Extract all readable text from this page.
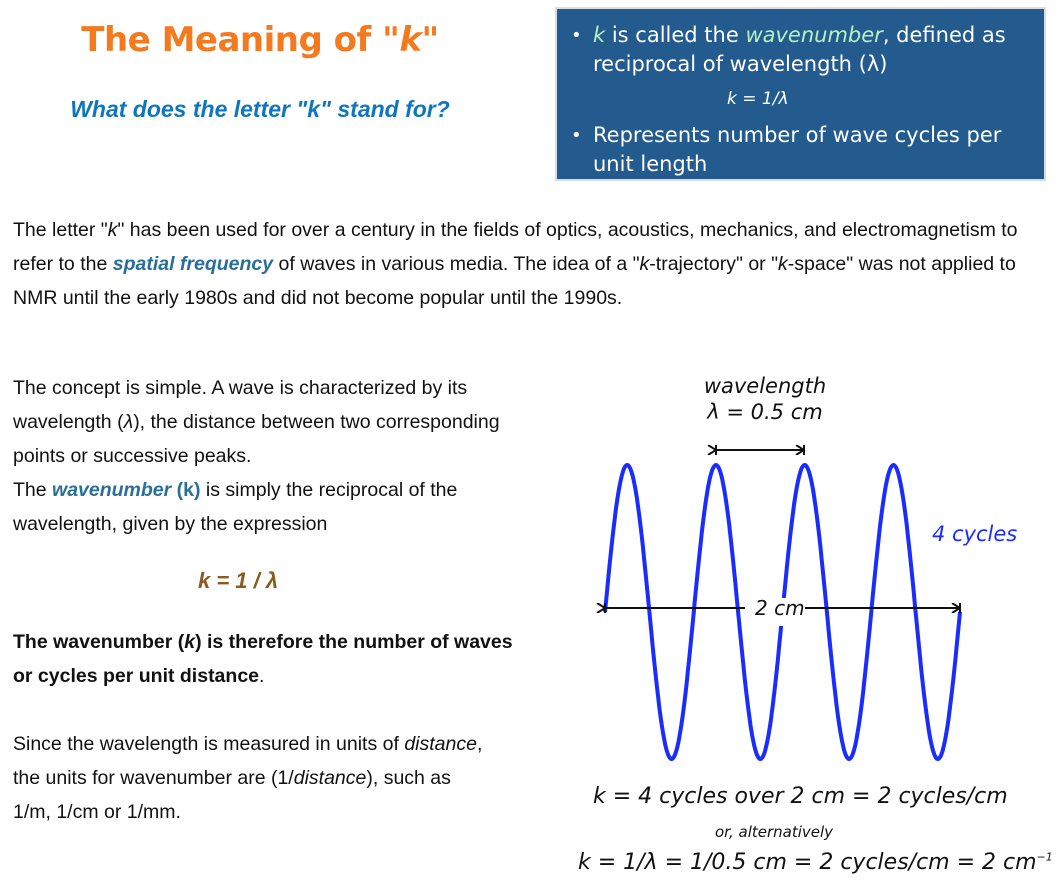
The Meaning of "k"
What does the letter "k" stand for?
• k is called the wavenumber, defined as reciprocal of wavelength (λ)
k = 1/λ
• Represents number of wave cycles per unit length

The letter "k" has been used for over a century in the fields of optics, acoustics, mechanics, and electromagnetism to refer to the spatial frequency of waves in various media. The idea of a "k-trajectory" or "k-space" was not applied to NMR until the early 1980s and did not become popular until the 1990s.

The concept is simple. A wave is characterized by its wavelength (λ), the distance between two corresponding points or successive peaks.
The wavenumber (k) is simply the reciprocal of the wavelength, given by the expression

k = 1 / λ

The wavenumber (k) is therefore the number of waves or cycles per unit distance.

Since the wavelength is measured in units of distance, the units for wavenumber are (1/distance), such as 1/m, 1/cm or 1/mm.

wavelength
λ = 0.5 cm
2 cm
4 cycles
k = 4 cycles over 2 cm = 2 cycles/cm
or, alternatively
k = 1/λ = 1/0.5 cm = 2 cycles/cm = 2 $cm^{-1}$
